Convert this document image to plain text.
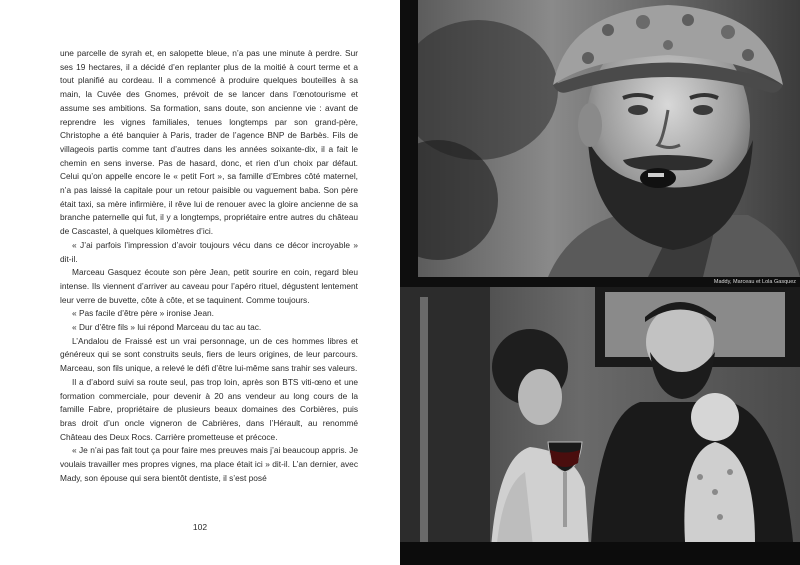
une parcelle de syrah et, en salopette bleue, n’a pas une minute à perdre. Sur ses 19 hectares, il a décidé d’en replanter plus de la moitié à court terme et a tout planifié au cordeau. Il a commencé à produire quelques bouteilles à sa main, la Cuvée des Gnomes, prévoit de se lancer dans l’œnotourisme et assume ses ambitions. Sa formation, sans doute, son ancienne vie : avant de reprendre les vignes familiales, tenues longtemps par son grand-père, Christophe a été banquier à Paris, trader de l’agence BNP de Barbès. Fils de villageois partis comme tant d’autres dans les années soixante-dix, il a fait le chemin en sens inverse. Pas de hasard, donc, et rien d’un choix par défaut. Celui qu’on appelle encore le « petit Fort », sa famille d’Embres côté maternel, n’a pas laissé la capitale pour un retour paisible ou vaguement baba. Son père était taxi, sa mère infirmière, il rêve lui de renouer avec la gloire ancienne de sa branche paternelle qui fut, il y a longtemps, propriétaire entre autres du château de Cascastel, à quelques kilomètres d’ici.

« J’ai parfois l’impression d’avoir toujours vécu dans ce décor incroyable » dit-il.

Marceau Gasquez écoute son père Jean, petit sourire en coin, regard bleu intense. Ils viennent d’arriver au caveau pour l’apéro rituel, dégustent lentement leur verre de buvette, côte à côte, et se taquinent. Comme toujours.

« Pas facile d’être père » ironise Jean.

« Dur d’être fils » lui répond Marceau du tac au tac.

L’Andalou de Fraissé est un vrai personnage, un de ces hommes libres et généreux qui se sont construits seuls, fiers de leurs origines, de leur parcours. Marceau, son fils unique, a relevé le défi d’être lui-même sans trahir ses valeurs.

Il a d’abord suivi sa route seul, pas trop loin, après son BTS viti-œno et une formation commerciale, pour devenir à 20 ans vendeur au long cours de la famille Fabre, propriétaire de plusieurs beaux domaines des Corbières, puis bras droit d’un oncle vigneron de Cabrières, dans l’Hérault, au renommé Château des Deux Rocs. Carrière prometteuse et précoce.

« Je n’ai pas fait tout ça pour faire mes preuves mais j’ai beaucoup appris. Je voulais travailler mes propres vignes, ma place était ici » dit-il. L’an dernier, avec Mady, son épouse qui sera bientôt dentiste, il s’est posé

102
Maddy, Marceau et Lola Gasquez
